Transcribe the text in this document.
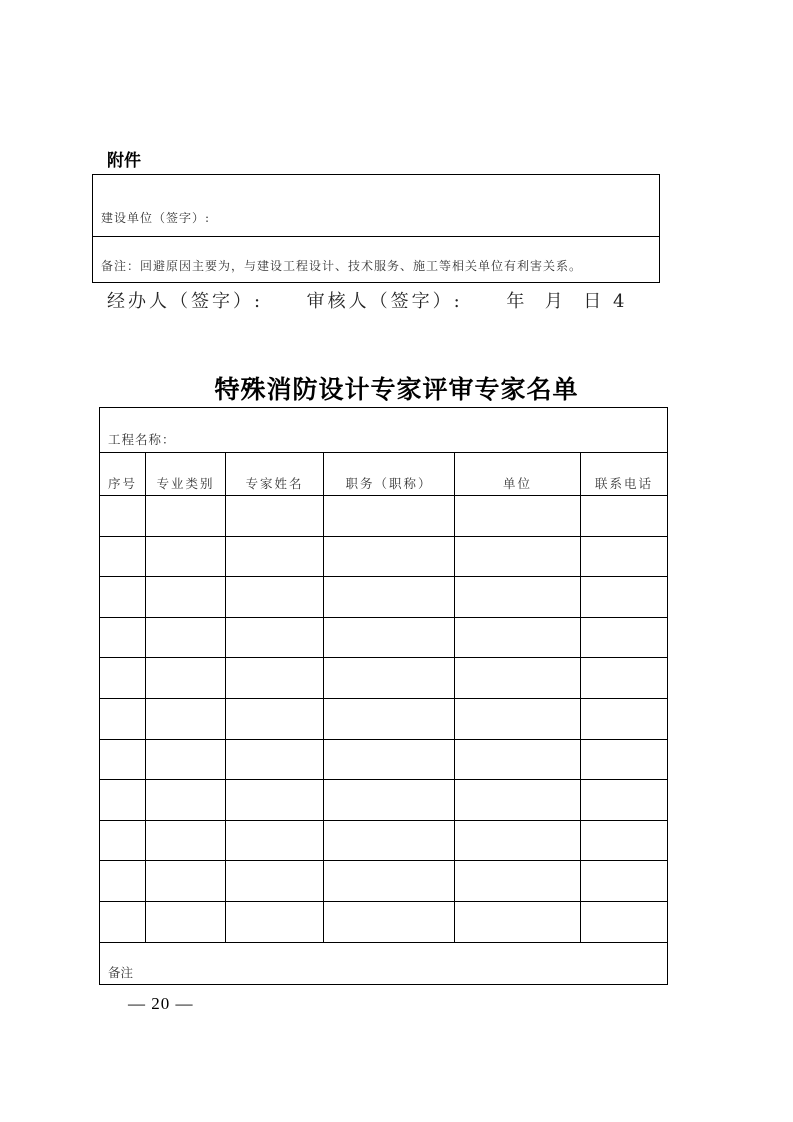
附件
建设单位（签字）:
备注：回避原因主要为，与建设工程设计、技术服务、施工等相关单位有利害关系。
经办人（签字）:     审核人（签字）:     年  月  日 4
特殊消防设计专家评审专家名单
工程名称：					
序号	专业类别	专家姓名	职务（职称）	单位	联系电话

备注					
— 20 —
